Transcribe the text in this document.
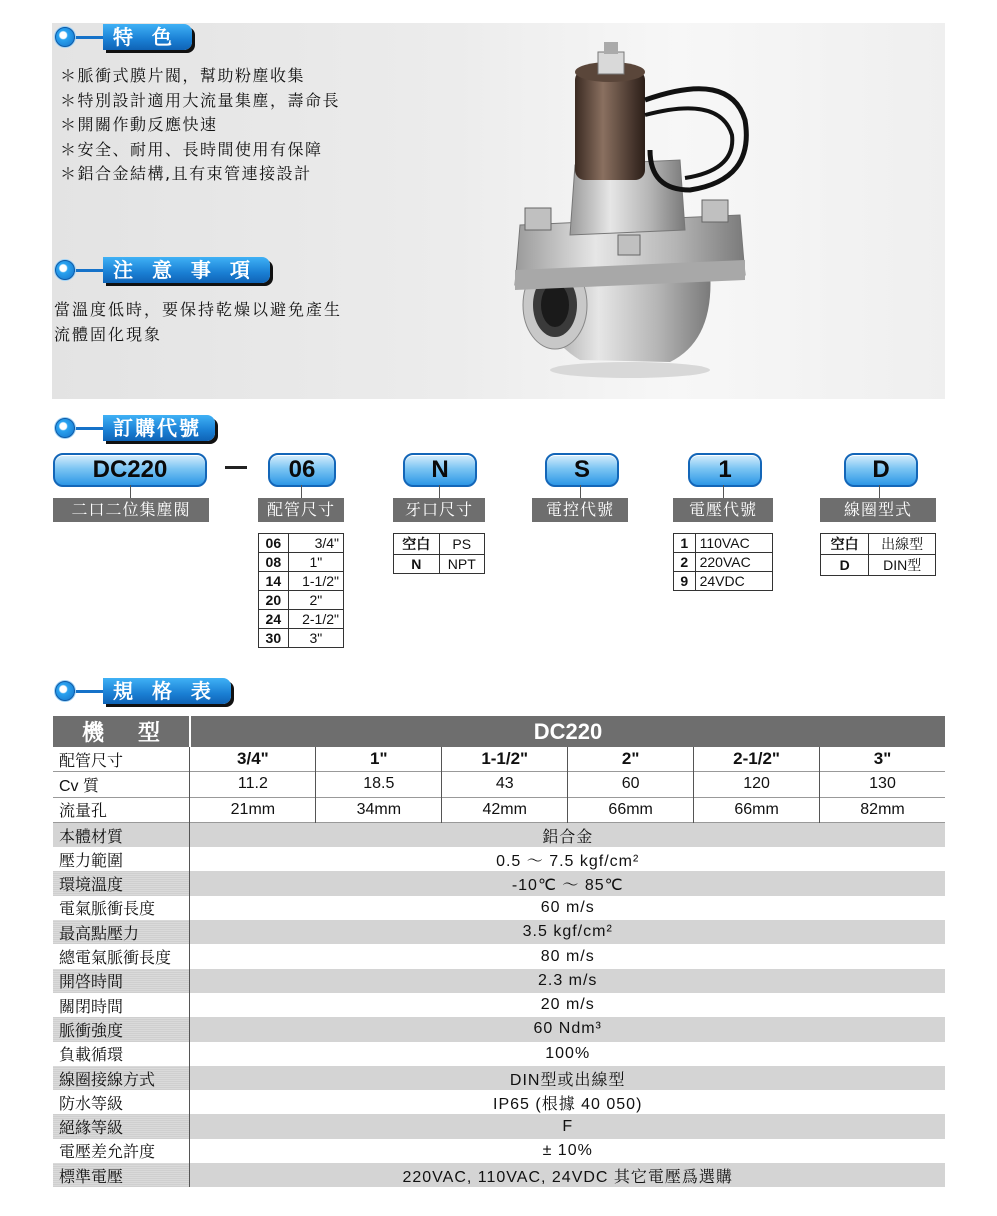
特 色
＊脈衝式膜片閥，幫助粉塵收集
＊特別設計適用大流量集塵，壽命長
＊開關作動反應快速
＊安全、耐用、長時間使用有保障
＊鋁合金結構,且有束管連接設計
注 意 事 項
當溫度低時，要保持乾燥以避免產生
流體固化現象
訂購代號
DC220	06	N	S	1	D
二口二位集塵閥	配管尺寸	牙口尺寸	電控代號	電壓代號	線圈型式
06	3/4"
08	1"
14	1-1/2"
20	2"
24	2-1/2"
30	3"
空白	PS
N	NPT
1	110VAC
2	220VAC
9	24VDC
空白	出線型
D	DIN型
規 格 表
機　型	DC220					
配管尺寸	3/4"	1"	1-1/2"	2"	2-1/2"	3"
Cv 質	11.2	18.5	43	60	120	130
流量孔	21mm	34mm	42mm	66mm	66mm	82mm
本體材質	鋁合金					
壓力範圍	0.5 ～ 7.5 kgf/cm²					
環境溫度	-10℃ ～ 85℃					
電氣脈衝長度	60 m/s					
最高點壓力	3.5 kgf/cm²					
總電氣脈衝長度	80 m/s					
開啓時間	2.3 m/s					
關閉時間	20 m/s					
脈衝強度	60 Ndm³					
負載循環	100%					
線圈接線方式	DIN型或出線型					
防水等級	IP65 (根據 40 050)					
絕緣等級	F					
電壓差允許度	± 10%					
標準電壓	220VAC, 110VAC, 24VDC 其它電壓爲選購					
